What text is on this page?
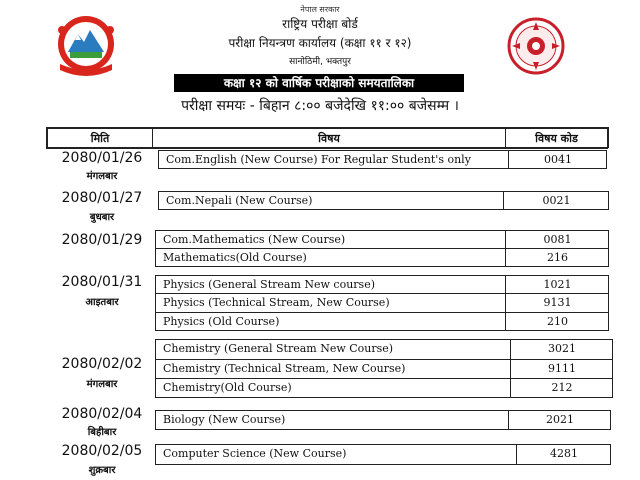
नेपाल सरकार
राष्ट्रिय परीक्षा बोर्ड
परीक्षा नियन्त्रण कार्यालय (कक्षा ११ र १२)
सानोठिमी, भक्तपुर
कक्षा १२ को वार्षिक परीक्षाको समयतालिका
परीक्षा समयः - बिहान ८:०० बजेदेखि ११:०० बजेसम्म ।
मिति	विषय	विषय कोड
2080/01/26
मंगलबार
Com.English (New Course) For Regular Student's only	0041
2080/01/27
बुधबार
Com.Nepali (New Course)	0021
2080/01/29	Com.Mathematics (New Course)	0081
Mathematics(Old Course)	216
2080/01/31
आइतबार
Physics (General Stream New course)	1021
Physics (Technical Stream, New Course)	9131
Physics (Old Course)	210
2080/02/02
मंगलबार
Chemistry (General Stream New Course)	3021
Chemistry (Technical Stream, New Course)	9111
Chemistry(Old Course)	212
2080/02/04
बिहीबार
Biology (New Course)	2021
2080/02/05
शुक्रबार
Computer Science (New Course)	4281
